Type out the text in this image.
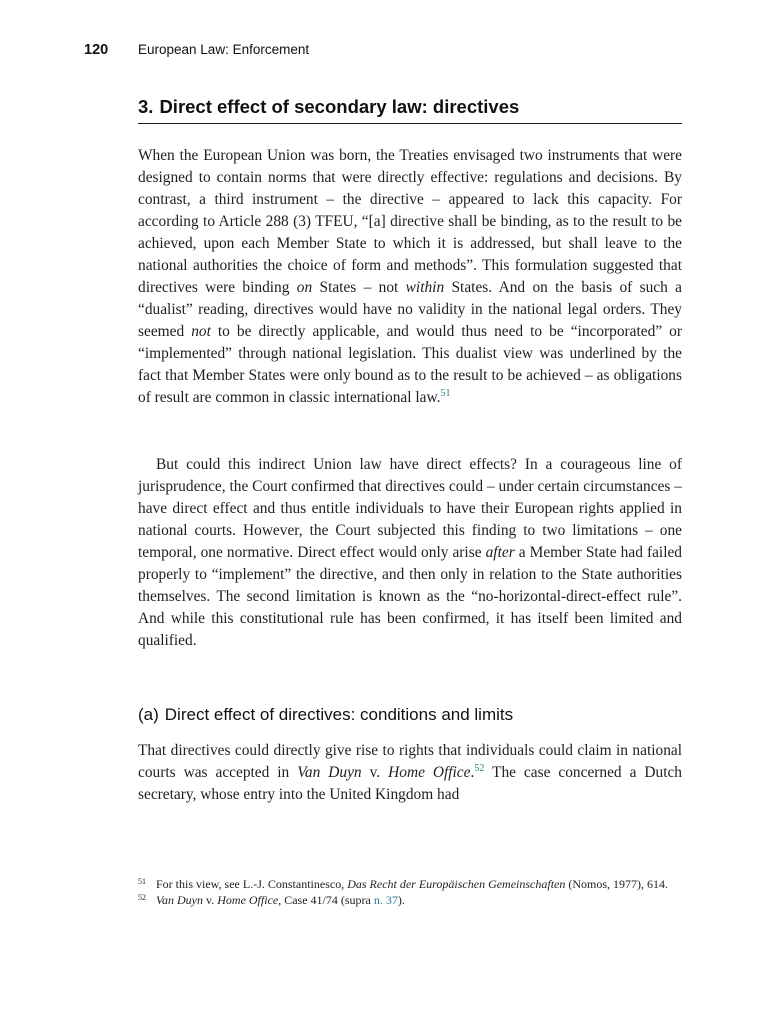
120	European Law: Enforcement
3. Direct effect of secondary law: directives

When the European Union was born, the Treaties envisaged two instruments that were designed to contain norms that were directly effective: regulations and decisions. By contrast, a third instrument – the directive – appeared to lack this capacity. For according to Article 288 (3) TFEU, “[a] directive shall be binding, as to the result to be achieved, upon each Member State to which it is addressed, but shall leave to the national authorities the choice of form and methods”. This formulation suggested that directives were binding on States – not within States. And on the basis of such a “dualist” reading, directives would have no validity in the national legal orders. They seemed not to be directly applicable, and would thus need to be “incorporated” or “implemented” through national legislation. This dualist view was underlined by the fact that Member States were only bound as to the result to be achieved – as obligations of result are common in classic international law.$^{51}$

But could this indirect Union law have direct effects? In a courageous line of jurisprudence, the Court confirmed that directives could – under certain circumstances – have direct effect and thus entitle individuals to have their European rights applied in national courts. However, the Court subjected this finding to two limitations – one temporal, one normative. Direct effect would only arise after a Member State had failed properly to “implement” the directive, and then only in relation to the State authorities themselves. The second limitation is known as the “no-horizontal-direct-effect rule”. And while this constitutional rule has been confirmed, it has itself been limited and qualified.

(a) Direct effect of directives: conditions and limits

That directives could directly give rise to rights that individuals could claim in national courts was accepted in Van Duyn v. Home Office.$^{52}$ The case concerned a Dutch secretary, whose entry into the United Kingdom had

51 For this view, see L.-J. Constantinesco, Das Recht der Europäischen Gemeinschaften (Nomos, 1977), 614.
52 Van Duyn v. Home Office, Case 41/74 (supra n. 37).
